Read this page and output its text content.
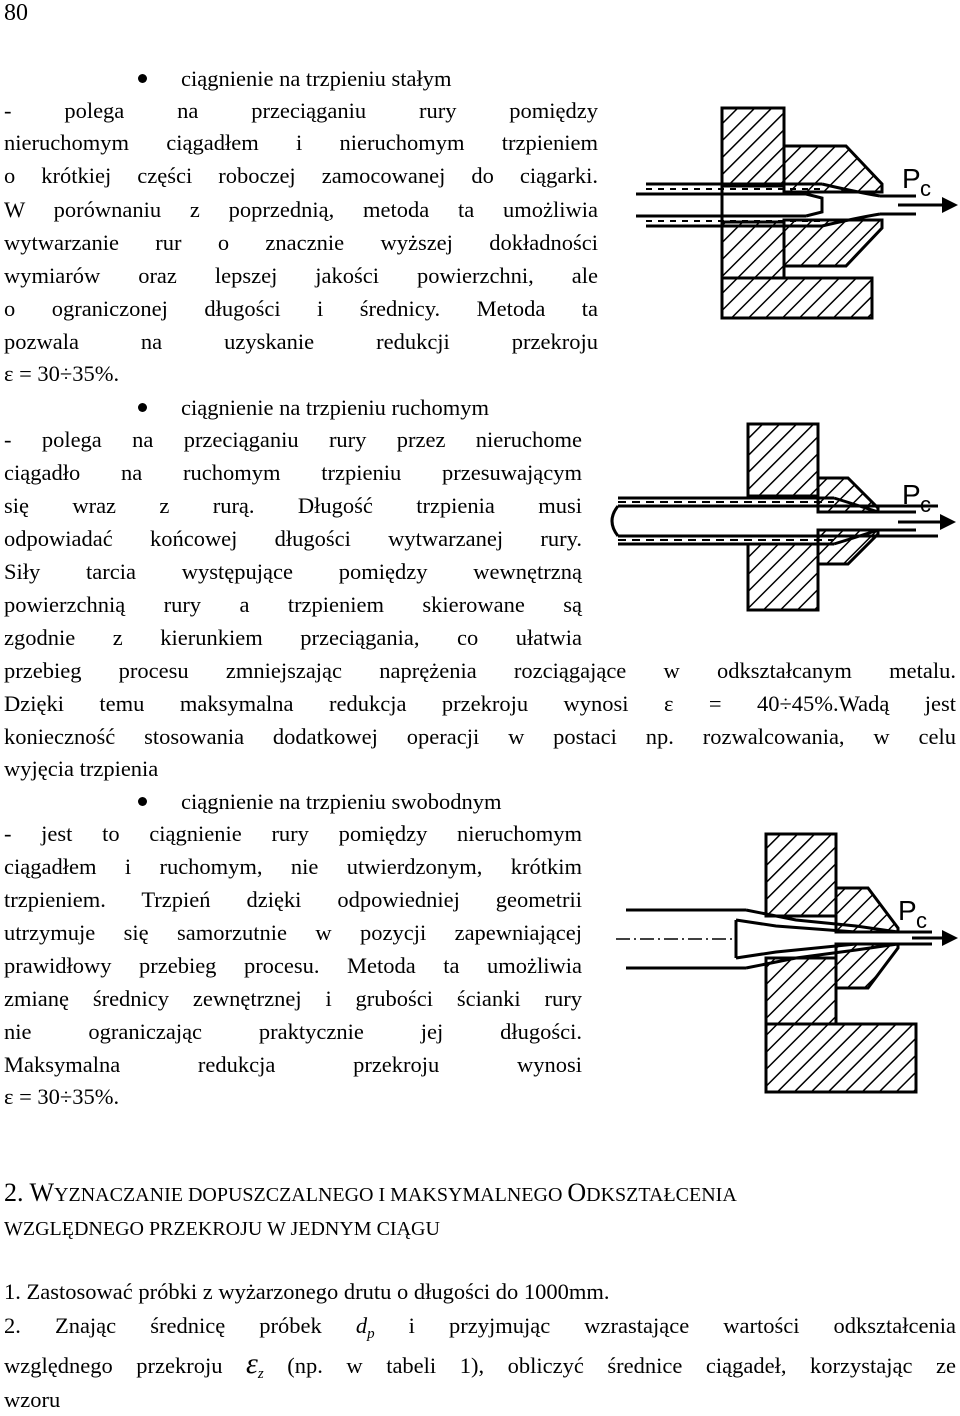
80
ciągnienie na trzpieniu stałym
- polega na przeciąganiu rury pomiędzy
nieruchomym ciągadłem i nieruchomym trzpieniem
o krótkiej części roboczej zamocowanej do ciągarki.
W porównaniu z poprzednią, metoda ta umożliwia
wytwarzanie rur o znacznie wyższej dokładności
wymiarów oraz lepszej jakości powierzchni, ale
o ograniczonej długości i średnicy. Metoda ta
pozwala na uzyskanie redukcji przekroju
ε = 30÷35%.
ciągnienie na trzpieniu ruchomym
- polega na przeciąganiu rury przez nieruchome
ciągadło na ruchomym trzpieniu przesuwającym
się wraz z rurą. Długość trzpienia musi
odpowiadać końcowej długości wytwarzanej rury.
Siły tarcia występujące pomiędzy wewnętrzną
powierzchnią rury a trzpieniem skierowane są
zgodnie z kierunkiem przeciągania, co ułatwia
przebieg procesu zmniejszając naprężenia rozciągające w odkształcanym metalu.
Dzięki temu maksymalna redukcja przekroju wynosi ε = 40÷45%.Wadą jest
konieczność stosowania dodatkowej operacji w postaci np. rozwalcowania, w celu
wyjęcia trzpienia
ciągnienie na trzpieniu swobodnym
- jest to ciągnienie rury pomiędzy nieruchomym
ciągadłem i ruchomym, nie utwierdzonym, krótkim
trzpieniem. Trzpień dzięki odpowiedniej geometrii
utrzymuje się samorzutnie w pozycji zapewniającej
prawidłowy przebieg procesu. Metoda ta umożliwia
zmianę średnicy zewnętrznej i grubości ścianki rury
nie ograniczając praktycznie jej długości.
Maksymalna redukcja przekroju wynosi
ε = 30÷35%.
P c
P c
P c
2. WYZNACZANIE DOPUSZCZALNEGO I MAKSYMALNEGO ODKSZTAŁCENIA
WZGLĘDNEGO PRZEKROJU W JEDNYM CIĄGU
1. Zastosować próbki z wyżarzonego drutu o długości do 1000mm.
2. Znając średnicę próbek $d_p$ i przyjmując wzrastające wartości odkształcenia
względnego przekroju $\varepsilon_z$ (np. w tabeli 1), obliczyć średnice ciągadeł, korzystając ze
wzoru
